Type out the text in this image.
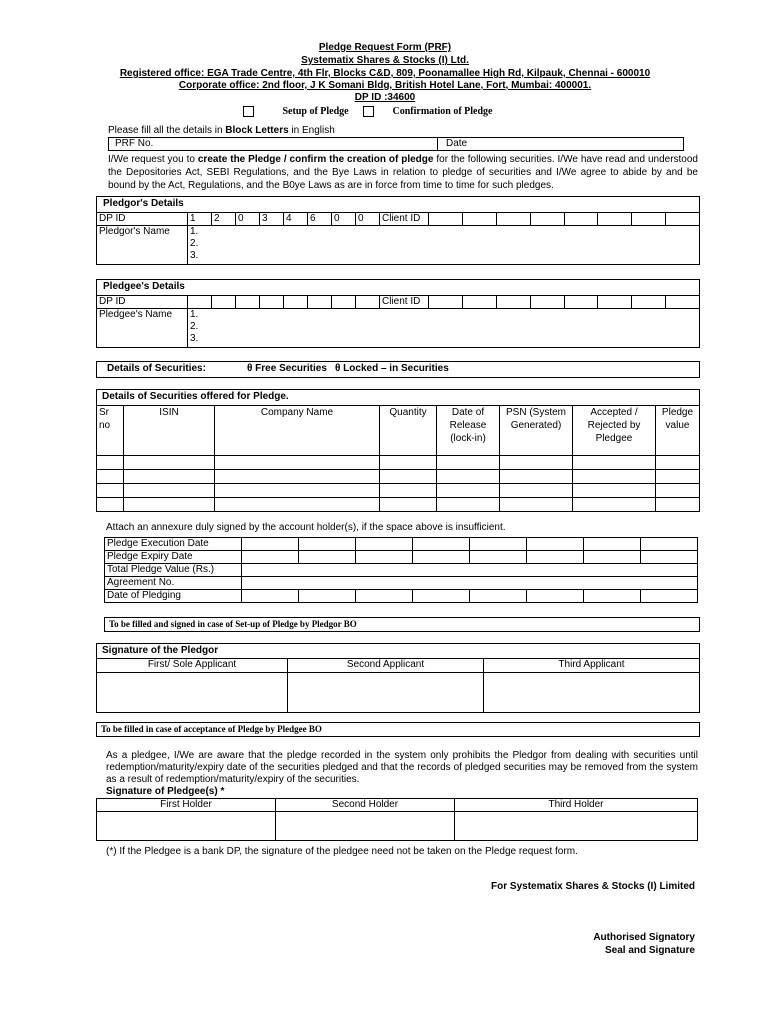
Pledge Request Form (PRF)
Systematix Shares & Stocks (I) Ltd.
Registered office: EGA Trade Centre, 4th Flr, Blocks C&D, 809, Poonamallee High Rd, Kilpauk, Chennai - 600010
Corporate office: 2nd floor, J K Somani Bldg, British Hotel Lane, Fort, Mumbai: 400001.
DP ID :34600
Setup of Pledge	Confirmation of Pledge
Please fill all the details in Block Letters in English
PRF No.	Date

I/We request you to create the Pledge / confirm the creation of pledge for the following securities. I/We have read and understood the Depositories Act, SEBI Regulations, and the Bye Laws in relation to pledge of securities and I/We agree to abide by and be bound by the Act, Regulations, and the B0ye Laws as are in force from time to time for such pledges.

Pledgor's Details
DP ID	1	2	0	3	4	6	0	0	Client ID								
Pledgor's Name	1.
2.
3.																
Pledgee's Details
DP ID									Client ID								
Pledgee's Name	1.
2.
3.																
Details of Securities:	θ Free Securities θ Locked – in Securities
Details of Securities offered for Pledge.
Sr no	ISIN	Company Name	Quantity	Date of Release (lock-in)	PSN (System Generated)	Accepted / Rejected by Pledgee	Pledge value

Attach an annexure duly signed by the account holder(s), if the space above is insufficient.
Pledge Execution Date								
Pledge Expiry Date								
Total Pledge Value (Rs.)								
Agreement No.								
Date of Pledging								
To be filled and signed in case of Set-up of Pledge by Pledgor BO
Signature of the Pledgor
First/ Sole Applicant	Second Applicant	Third Applicant
To be filled in case of acceptance of Pledge by Pledgee BO

As a pledgee, I/We are aware that the pledge recorded in the system only prohibits the Pledgor from dealing with securities until redemption/maturity/expiry date of the securities pledged and that the records of pledged securities may be removed from the system as a result of redemption/maturity/expiry of the securities.

Signature of Pledgee(s) *
First Holder	Second Holder	Third Holder

(*) If the Pledgee is a bank DP, the signature of the pledgee need not be taken on the Pledge request form.
For Systematix Shares & Stocks (I) Limited
Authorised Signatory
Seal and Signature
